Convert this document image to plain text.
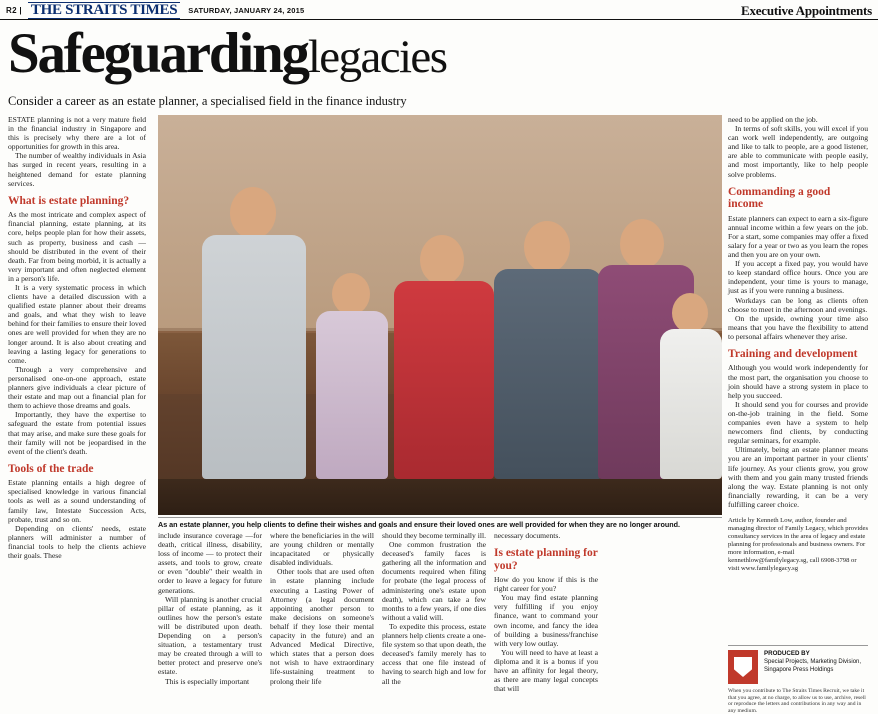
R2 | THE STRAITS TIMES	SATURDAY, JANUARY 24, 2015	Executive Appointments
Safeguardinglegacies
Consider a career as an estate planner, a specialised field in the finance industry

ESTATE planning is not a very mature field in the financial industry in Singapore and this is precisely why there are a lot of opportunities for growth in this area.

The number of wealthy individuals in Asia has surged in recent years, resulting in a heightened demand for estate planning services.

What is estate planning?

As the most intricate and complex aspect of financial planning, estate planning, at its core, helps people plan for how their assets, such as property, business and cash — should be distributed in the event of their death. Far from being morbid, it is actually a very important and often neglected element in a person's life.

It is a very systematic process in which clients have a detailed discussion with a qualified estate planner about their dreams and goals, and what they wish to leave behind for their families to ensure their loved ones are well provided for when they are no longer around. It is also about creating and leaving a lasting legacy for generations to come.

Through a very comprehensive and personalised one-on-one approach, estate planners give individuals a clear picture of their estate and map out a financial plan for them to achieve those dreams and goals.

Importantly, they have the expertise to safeguard the estate from potential issues that may arise, and make sure these goals for their family will not be jeopardised in the event of the client's death.

Tools of the trade

Estate planning entails a high degree of specialised knowledge in various financial tools as well as a sound understanding of family law, Intestate Succession Acts, probate, trust and so on.

Depending on clients' needs, estate planners will administer a number of financial tools to help the clients achieve their goals. These

As an estate planner, you help clients to define their wishes and goals and ensure their loved ones are well provided for when they are no longer around.

include insurance coverage —for death, critical illness, disability, loss of income — to protect their assets, and tools to grow, create or even "double" their wealth in order to leave a legacy for future generations.

Will planning is another crucial pillar of estate planning, as it outlines how the person's estate will be distributed upon death. Depending on a person's situation, a testamentary trust may be created through a will to better protect and preserve one's estate.

This is especially important

where the beneficiaries in the will are young children or mentally incapacitated or physically disabled individuals.

Other tools that are used often in estate planning include executing a Lasting Power of Attorney (a legal document appointing another person to make decisions on someone's behalf if they lose their mental capacity in the future) and an Advanced Medical Directive, which states that a person does not wish to have extraordinary life-sustaining treatment to prolong their life

should they become terminally ill.

One common frustration the deceased's family faces is gathering all the information and documents required when filing for probate (the legal process of administering one's estate upon death), which can take a few months to a few years, if one dies without a valid will.

To expedite this process, estate planners help clients create a one-file system so that upon death, the deceased's family merely has to access that one file instead of having to search high and low for all the

necessary documents.

Is estate planning for you?

How do you know if this is the right career for you?

You may find estate planning very fulfilling if you enjoy finance, want to command your own income, and fancy the idea of building a business/franchise with very low outlay.

You will need to have at least a diploma and it is a bonus if you have an affinity for legal theory, as there are many legal concepts that will

need to be applied on the job.

In terms of soft skills, you will excel if you can work well independently, are outgoing and like to talk to people, are a good listener, are able to communicate with people easily, and most importantly, like to help people solve problems.

Commanding a good income

Estate planners can expect to earn a six-figure annual income within a few years on the job. For a start, some companies may offer a fixed salary for a year or two as you learn the ropes and then you are on your own.

If you accept a fixed pay, you would have to keep standard office hours. Once you are independent, your time is yours to manage, just as if you were running a business.

Workdays can be long as clients often choose to meet in the afternoon and evenings.

On the upside, owning your time also means that you have the flexibility to attend to personal affairs whenever they arise.

Training and development

Although you would work independently for the most part, the organisation you choose to join should have a strong system in place to help you succeed.

It should send you for courses and provide on-the-job training in the field. Some companies even have a system to help newcomers find clients, by conducting regular seminars, for example.

Ultimately, being an estate planner means you are an important partner in your clients' life journey. As your clients grow, you grow with them and you gain many trusted friends along the way. Estate planning is not only financially rewarding, it can be a very fulfilling career choice.

Article by Kenneth Low, author, founder and managing director of Family Legacy, which provides consultancy services in the area of legacy and estate planning for professionals and business owners. For more information, e-mail kennethlow@familylegacy.sg, call 6908-3798 or visit www.familylegacy.sg
PRODUCED BY
Special Projects, Marketing Division, Singapore Press Holdings
When you contribute to The Straits Times Recruit, we take it that you agree, at no charge, to allow us to use, archive, resell or reproduce the letters and contributions in any way and in any medium.
